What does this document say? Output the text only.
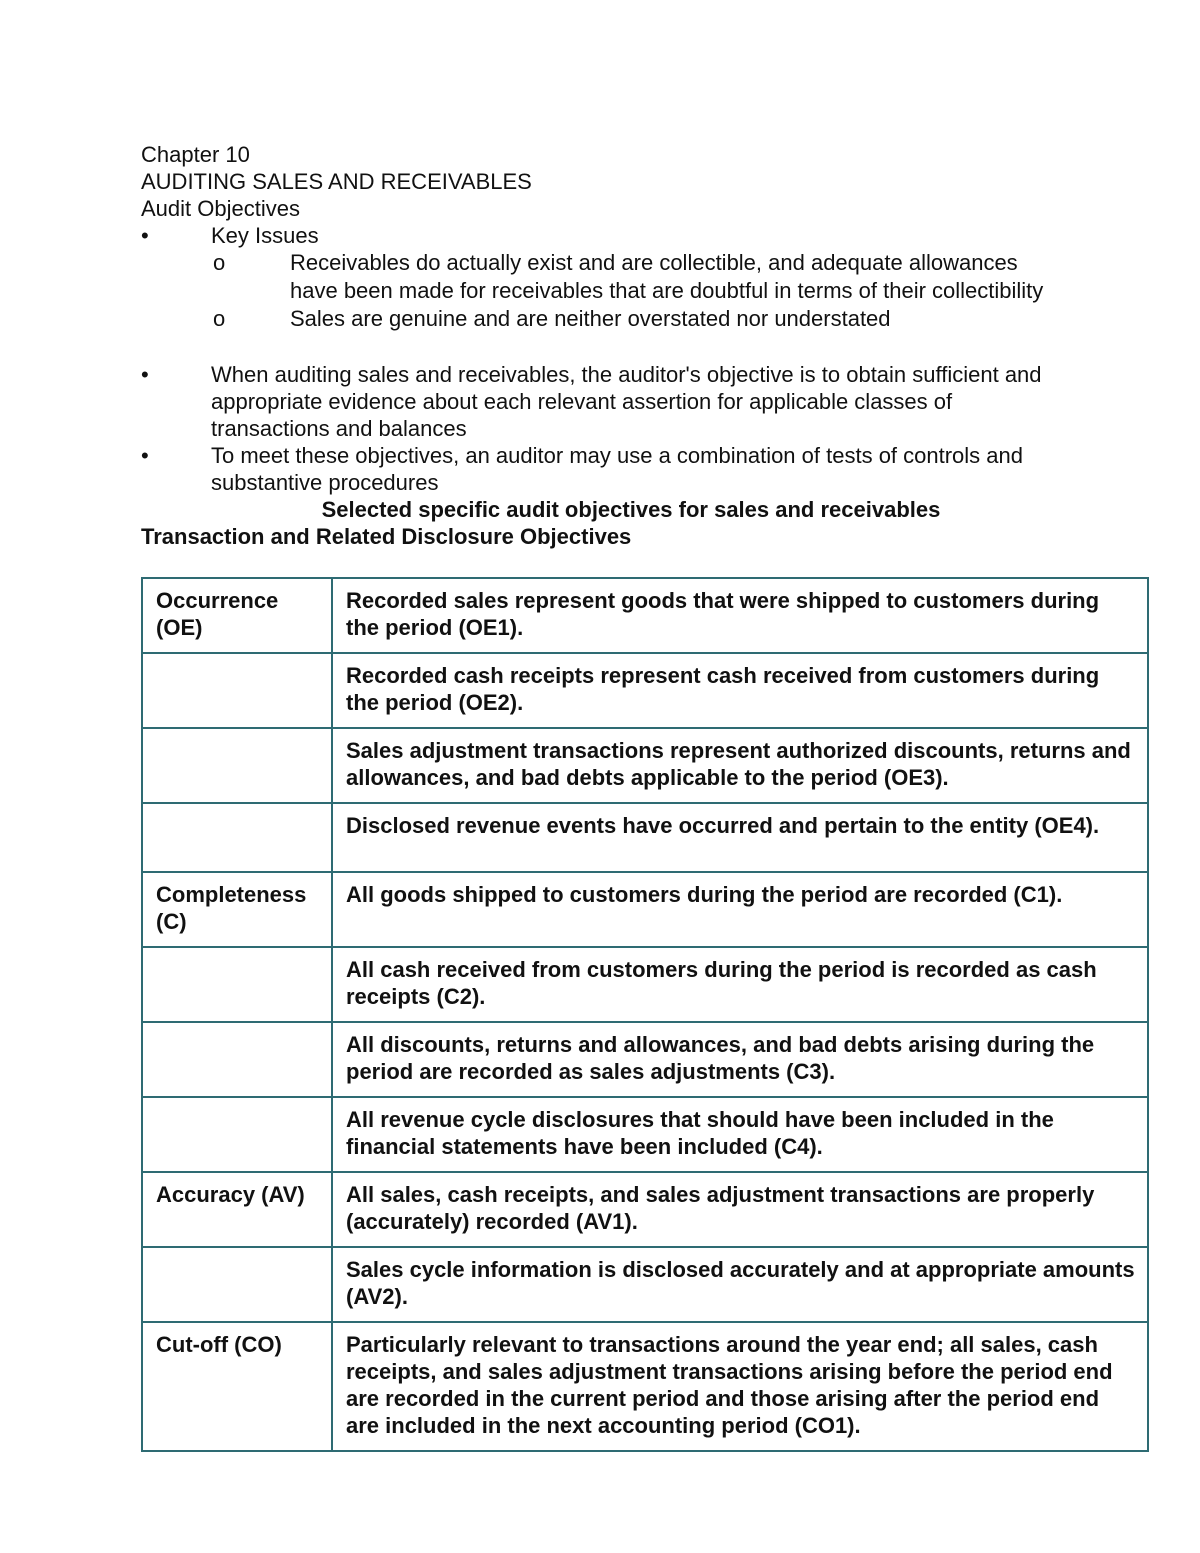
Chapter 10
AUDITING SALES AND RECEIVABLES
Audit Objectives
•	Key Issues
o	Receivables do actually exist and are collectible, and adequate allowances have been made for receivables that are doubtful in terms of their collectibility
o	Sales are genuine and are neither overstated nor understated
•	When auditing sales and receivables, the auditor's objective is to obtain sufficient and appropriate evidence about each relevant assertion for applicable classes of transactions and balances
•	To meet these objectives, an auditor may use a combination of tests of controls and substantive procedures
Selected specific audit objectives for sales and receivables
Transaction and Related Disclosure Objectives
Occurrence (OE)	Recorded sales represent goods that were shipped to customers during the period (OE1).
	Recorded cash receipts represent cash received from customers during the period (OE2).
	Sales adjustment transactions represent authorized discounts, returns and allowances, and bad debts applicable to the period (OE3).
	Disclosed revenue events have occurred and pertain to the entity (OE4).
Completeness (C)	All goods shipped to customers during the period are recorded (C1).
	All cash received from customers during the period is recorded as cash receipts (C2).
	All discounts, returns and allowances, and bad debts arising during the period are recorded as sales adjustments (C3).
	All revenue cycle disclosures that should have been included in the financial statements have been included (C4).
Accuracy (AV)	All sales, cash receipts, and sales adjustment transactions are properly (accurately) recorded (AV1).
	Sales cycle information is disclosed accurately and at appropriate amounts (AV2).
Cut-off (CO)	Particularly relevant to transactions around the year end; all sales, cash receipts, and sales adjustment transactions arising before the period end are recorded in the current period and those arising after the period end are included in the next accounting period (CO1).
